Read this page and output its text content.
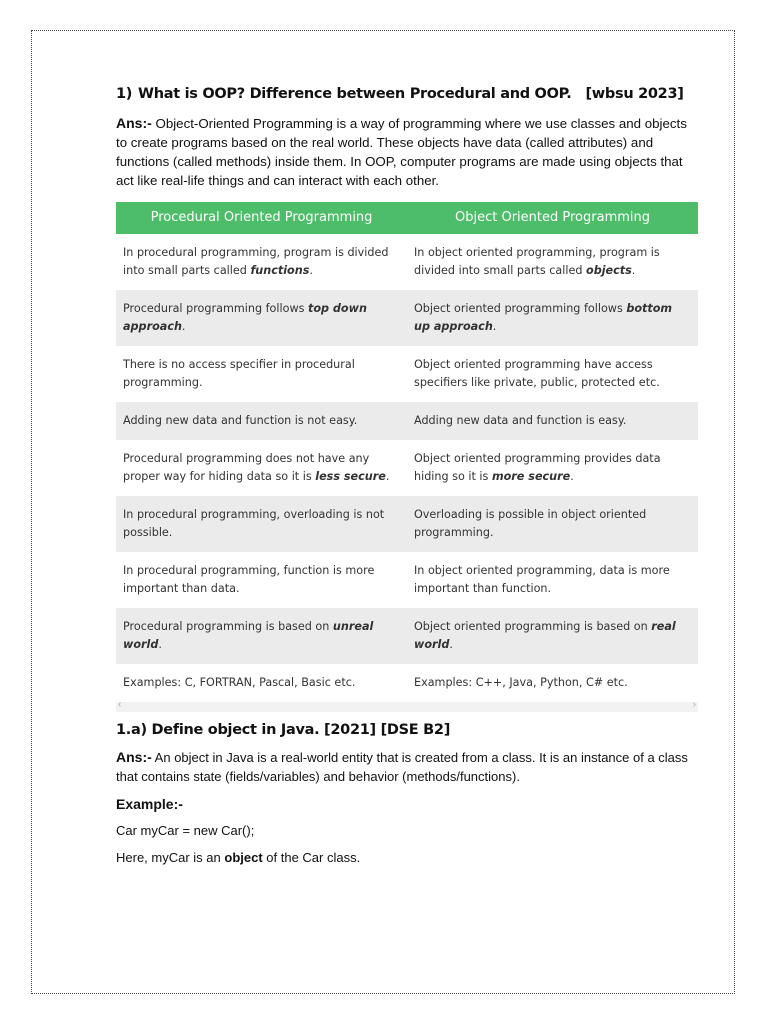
1) What is OOP? Difference between Procedural and OOP. [wbsu 2023]

Ans:- Object-Oriented Programming is a way of programming where we use classes and objects to create programs based on the real world. These objects have data (called attributes) and functions (called methods) inside them. In OOP, computer programs are made using objects that act like real-life things and can interact with each other.

Procedural Oriented Programming	Object Oriented Programming
In procedural programming, program is divided into small parts called functions.	In object oriented programming, program is divided into small parts called objects.
Procedural programming follows top down approach.	Object oriented programming follows bottom up approach.
There is no access specifier in procedural programming.	Object oriented programming have access specifiers like private, public, protected etc.
Adding new data and function is not easy.	Adding new data and function is easy.
Procedural programming does not have any proper way for hiding data so it is less secure.	Object oriented programming provides data hiding so it is more secure.
In procedural programming, overloading is not possible.	Overloading is possible in object oriented programming.
In procedural programming, function is more important than data.	In object oriented programming, data is more important than function.
Procedural programming is based on unreal world.	Object oriented programming is based on real world.
Examples: C, FORTRAN, Pascal, Basic etc.	Examples: C++, Java, Python, C# etc.
‹	›
1.a) Define object in Java. [2021] [DSE B2]

Ans:- An object in Java is a real-world entity that is created from a class. It is an instance of a class that contains state (fields/variables) and behavior (methods/functions).

Example:-

Car myCar = new Car();

Here, myCar is an object of the Car class.
